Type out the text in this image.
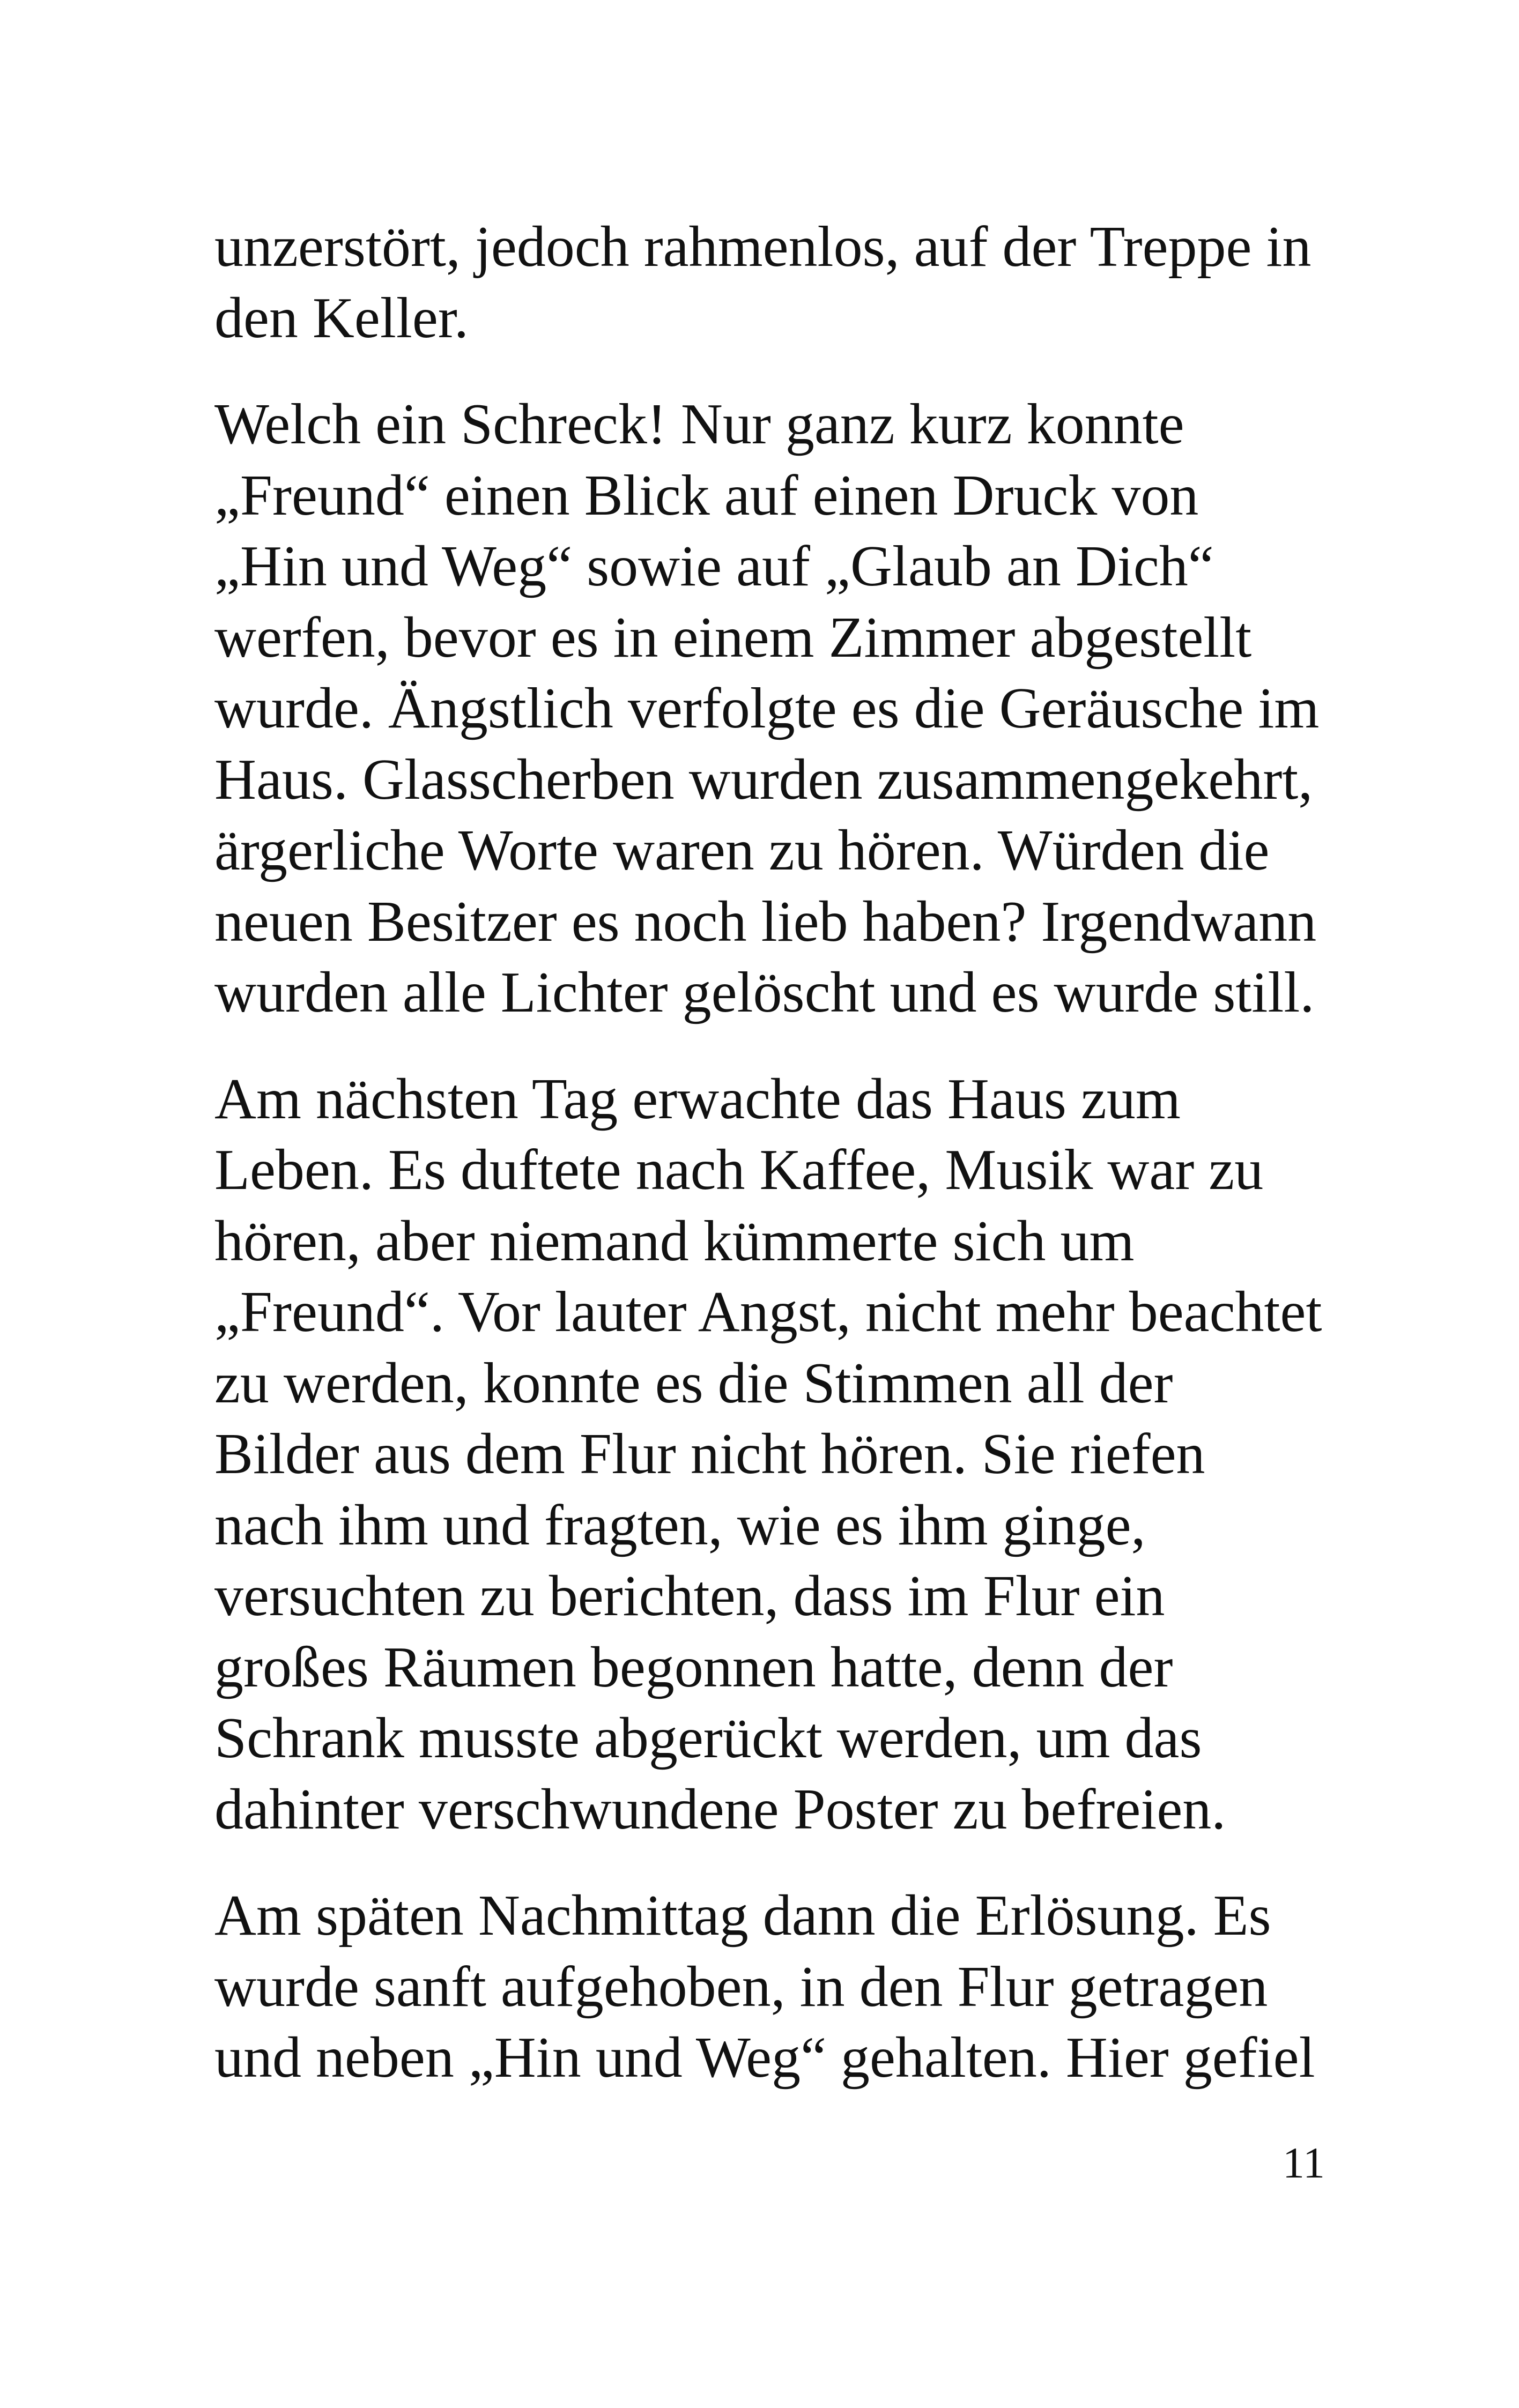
unzerstört, jedoch rahmenlos, auf der Treppe in
den Keller.
Welch ein Schreck! Nur ganz kurz konnte
„Freund“ einen Blick auf einen Druck von
„Hin und Weg“ sowie auf „Glaub an Dich“
werfen, bevor es in einem Zimmer abgestellt
wurde. Ängstlich verfolgte es die Geräusche im
Haus. Glasscherben wurden zusammengekehrt,
ärgerliche Worte waren zu hören. Würden die
neuen Besitzer es noch lieb haben? Irgendwann
wurden alle Lichter gelöscht und es wurde still.
Am nächsten Tag erwachte das Haus zum
Leben. Es duftete nach Kaffee, Musik war zu
hören, aber niemand kümmerte sich um
„Freund“. Vor lauter Angst, nicht mehr beachtet
zu werden, konnte es die Stimmen all der
Bilder aus dem Flur nicht hören. Sie riefen
nach ihm und fragten, wie es ihm ginge,
versuchten zu berichten, dass im Flur ein
großes Räumen begonnen hatte, denn der
Schrank musste abgerückt werden, um das
dahinter verschwundene Poster zu befreien.
Am späten Nachmittag dann die Erlösung. Es
wurde sanft aufgehoben, in den Flur getragen
und neben „Hin und Weg“ gehalten. Hier gefiel
11
